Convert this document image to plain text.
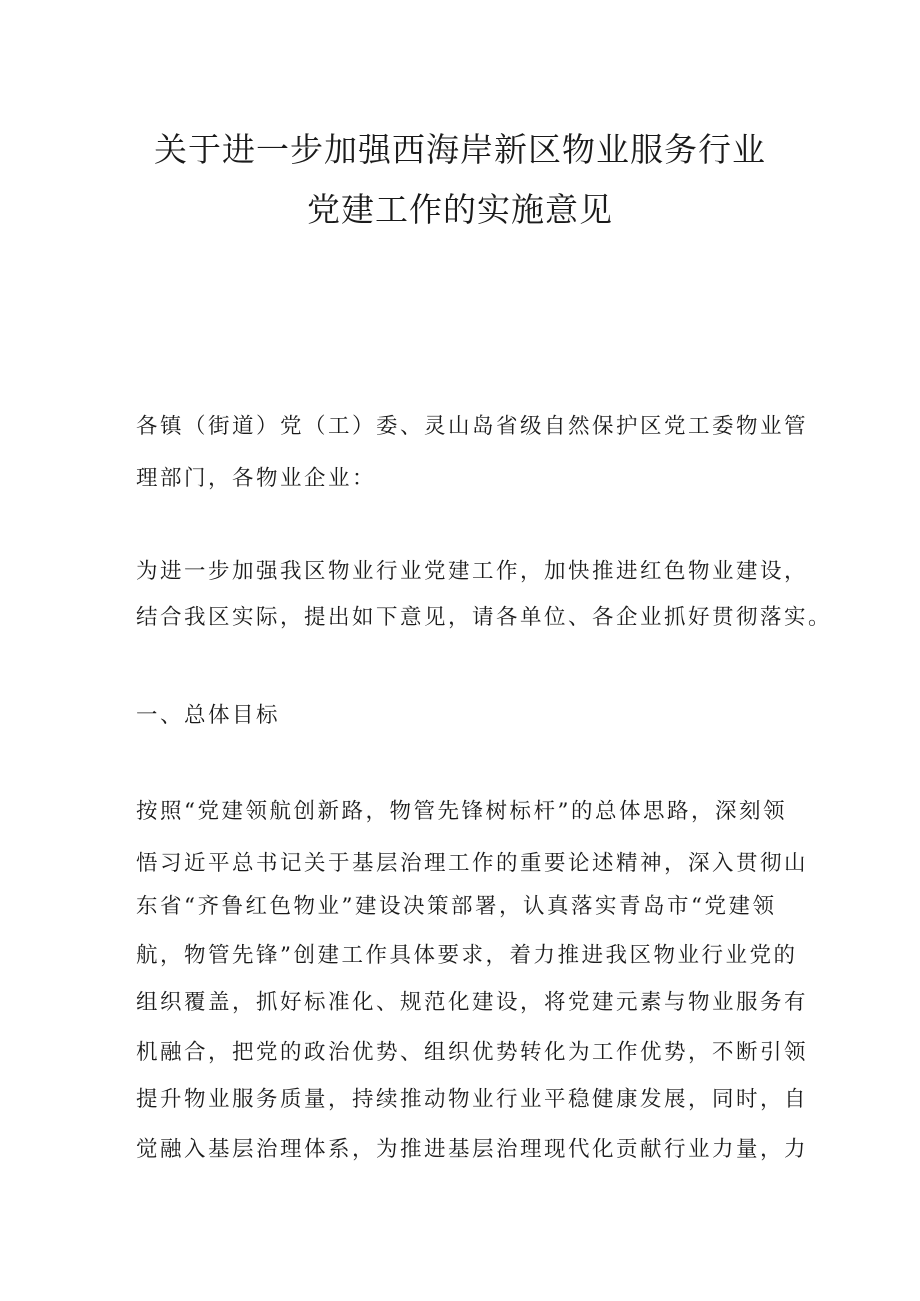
关于进一步加强西海岸新区物业服务行业
党建工作的实施意见

各镇（街道）党（工）委、灵山岛省级自然保护区党工委物业管

理部门，各物业企业：

为进一步加强我区物业行业党建工作，加快推进红色物业建设，

结合我区实际，提出如下意见，请各单位、各企业抓好贯彻落实。

一、总体目标

按照“党建领航创新路，物管先锋树标杆”的总体思路，深刻领

悟习近平总书记关于基层治理工作的重要论述精神，深入贯彻山

东省“齐鲁红色物业”建设决策部署，认真落实青岛市“党建领

航，物管先锋”创建工作具体要求，着力推进我区物业行业党的

组织覆盖，抓好标准化、规范化建设，将党建元素与物业服务有

机融合，把党的政治优势、组织优势转化为工作优势，不断引领

提升物业服务质量，持续推动物业行业平稳健康发展，同时，自

觉融入基层治理体系，为推进基层治理现代化贡献行业力量，力
